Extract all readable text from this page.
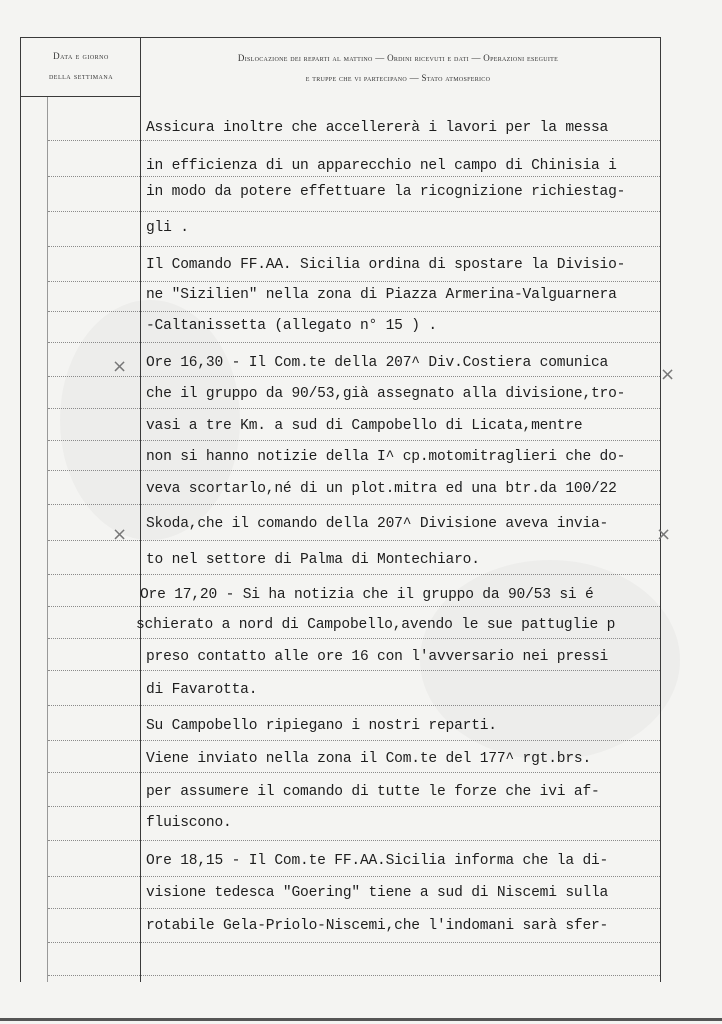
Data e giorno
della settimana
Dislocazione dei reparti al mattino — Ordini ricevuti e dati — Operazioni eseguite
e truppe che vi partecipano — Stato atmosferico
Assicura inoltre che accellererà i lavori per la messa
in efficienza di un apparecchio nel campo di Chinisia i
in modo da potere effettuare la ricognizione richiestag-
gli .
Il Comando FF.AA. Sicilia ordina di spostare la Divisio-
ne "Sizilien" nella zona di Piazza Armerina-Valguarnera
-Caltanissetta (allegato n° 15 ) .
Ore 16,30 - Il Com.te della 207^ Div.Costiera comunica
che il gruppo da 90/53,già assegnato alla divisione,tro-
vasi a tre Km. a sud di Campobello di Licata,mentre
non si hanno notizie della I^ cp.motomitraglieri che do-
veva scortarlo,né di un plot.mitra ed una btr.da 100/22
Skoda,che il comando della 207^ Divisione aveva invia-
to nel settore di Palma di Montechiaro.
Ore 17,20 - Si ha notizia che il gruppo da 90/53 si é
schierato a nord di Campobello,avendo le sue pattuglie p
preso contatto alle ore 16 con l'avversario nei pressi
di Favarotta.
Su Campobello ripiegano i nostri reparti.
Viene inviato nella zona il Com.te del 177^ rgt.brs.
per assumere il comando di tutte le forze che ivi af-
fluiscono.
Ore 18,15 - Il Com.te FF.AA.Sicilia informa che la di-
visione tedesca "Goering" tiene a sud di Niscemi sulla
rotabile Gela-Priolo-Niscemi,che l'indomani sarà sfer-
×	×
×	×
